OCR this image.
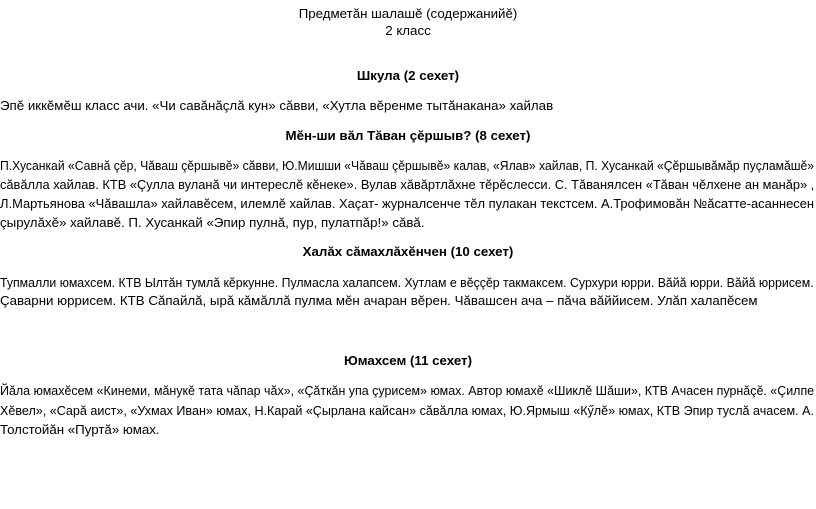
Предметӑн шалашӗ (содержанийӗ)
2 класс
Шкула (2 сехет)
Эпӗ иккӗмӗш класс ачи. «Чи савӑнӑçлӑ кун» сӑвви, «Хутла вӗренме тытӑнакана» хайлав
Мӗн-ши вӑл Тӑван çӗршыв? (8 сехет)
П.Хусанкай «Савнӑ çӗр, Чӑваш çӗршывӗ» сӑвви, Ю.Мишши «Чӑваш çӗршывӗ» калав, «Ялав» хайлав, П. Хусанкай «Çӗршывӑмӑр пуçламӑшӗ»
сӑвӑлла хайлав. КТВ «Çулла вуланӑ чи интереслӗ кӗнеке». Вулав хӑвӑртлӑхне тӗрӗслесси. С. Тӑванялсен «Тӑван чӗлхене ан манӑр» ,
Л.Мартьянова «Чӑвашла» хайлавӗсем, илемлӗ хайлав. Хаçат- журналсенче тӗл пулакан текстсем. А.Трофимовӑн №ӑсатте-асаннесен
çырулӑхӗ» хайлавӗ. П. Хусанкай «Эпир пулнӑ, пур, пулатпӑр!» сӑвӑ.
Халӑх сӑмахлӑхӗнчен (10 сехет)
Тупмалли юмахсем. КТВ Ылтӑн тумлӑ кӗркунне. Пулмасла халапсем. Хутлам е вӗççӗр такмаксем. Сурхури юрри. Вӑйӑ юрри. Вӑйӑ юррисем.
Çаварни юррисем. КТВ Сӑпайлӑ, ырӑ кӑмӑллӑ пулма мӗн ачаран вӗрен. Чӑвашсен ача – пӑча вӑййисем. Улӑп халапӗсем
Юмахсем (11 сехет)
Йӑла юмахӗсем «Кинеми, мӑнукӗ тата чӑпар чӑх», «Çăткăн упа çурисем» юмах. Автор юмахӗ «Шиклӗ Шӑши», КТВ Ачасен пурнӑçӗ. «Çилпе
Хӗвел», «Сарӑ аист», «Ухмах Иван» юмах, Н.Карай «Çырлана кайсан» сӑвӑлла юмах, Ю.Ярмыш «Кӳлӗ» юмах, КТВ Эпир туслӑ ачасем. А.
Толстойӑн «Пуртӑ» юмах.
